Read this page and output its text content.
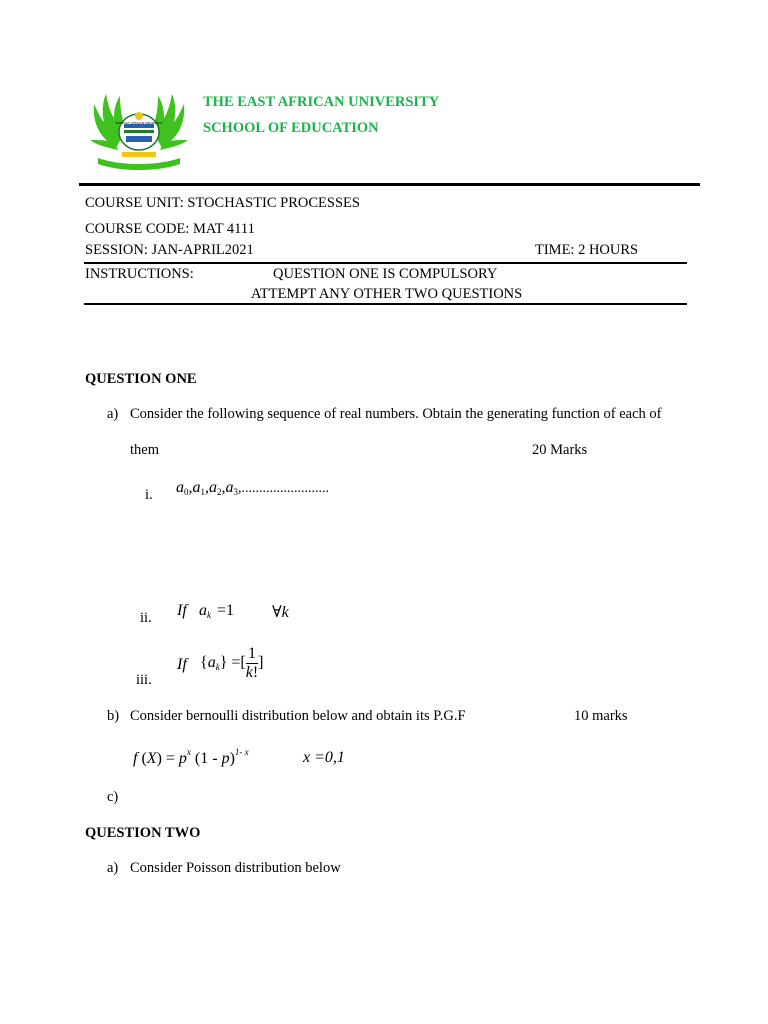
THE EAST AFRICAN UNIVERSITY
THE EAST AFRICAN UNIVERSITY
SCHOOL OF EDUCATION
COURSE UNIT: STOCHASTIC PROCESSES
COURSE CODE: MAT 4111
SESSION: JAN-APRIL2021	TIME: 2 HOURS
INSTRUCTIONS:	QUESTION ONE IS COMPULSORY
ATTEMPT ANY OTHER TWO QUESTIONS
QUESTION ONE
a) Consider the following sequence of real numbers. Obtain the generating function of each of
them	20 Marks
i. $a_0,a_1,a_2,a_3$,.........................
ii. If $a_k =1$ ∀k
iii.
If $\{a_k\}$ =[ $\frac{1}{k!}$ ]
b) Consider bernoulli distribution below and obtain its P.G.F	10 marks
f $(X) = p^x$ (1 - p)$^{1- x}$	x =0,1
c)
QUESTION TWO
a) Consider Poisson distribution below
